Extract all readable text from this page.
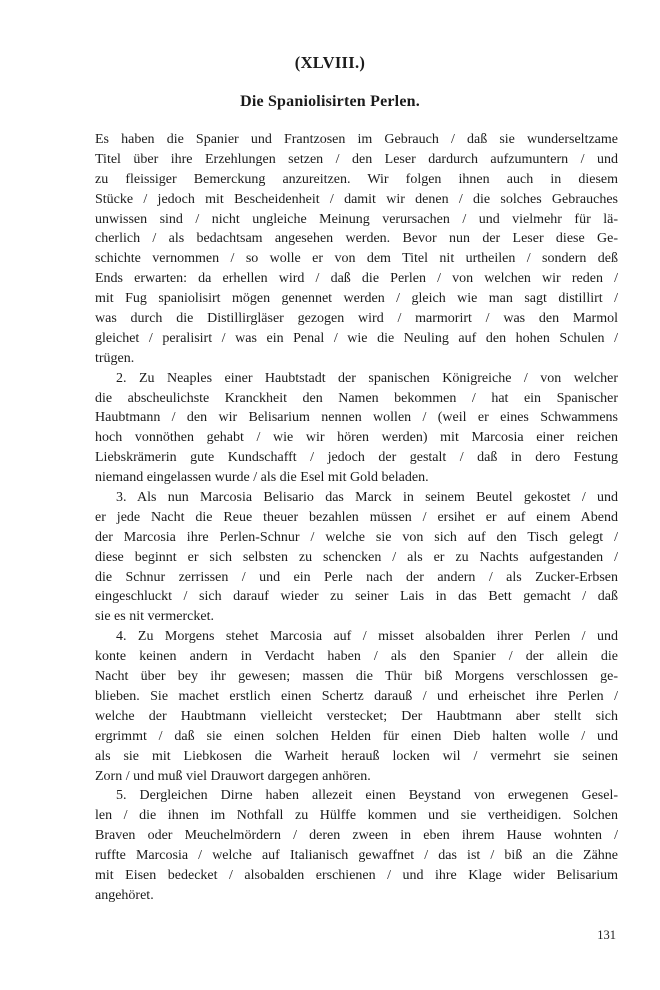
(XLVIII.)
Die Spaniolisirten Perlen.
Es haben die Spanier und Frantzosen im Gebrauch / daß sie wunderseltzame
Titel über ihre Erzehlungen setzen / den Leser dardurch aufzumuntern / und
zu fleissiger Bemerckung anzureitzen. Wir folgen ihnen auch in diesem
Stücke / jedoch mit Bescheidenheit / damit wir denen / die solches Gebrauches
unwissen sind / nicht ungleiche Meinung verursachen / und vielmehr für lä-
cherlich / als bedachtsam angesehen werden. Bevor nun der Leser diese Ge-
schichte vernommen / so wolle er von dem Titel nit urtheilen / sondern deß
Ends erwarten: da erhellen wird / daß die Perlen / von welchen wir reden /
mit Fug spaniolisirt mögen genennet werden / gleich wie man sagt distillirt /
was durch die Distillirgläser gezogen wird / marmorirt / was den Marmol
gleichet / peralisirt / was ein Penal / wie die Neuling auf den hohen Schulen /
trügen.
2. Zu Neaples einer Haubtstadt der spanischen Königreiche / von welcher
die abscheulichste Kranckheit den Namen bekommen / hat ein Spanischer
Haubtmann / den wir Belisarium nennen wollen / (weil er eines Schwammens
hoch vonnöthen gehabt / wie wir hören werden) mit Marcosia einer reichen
Liebskrämerin gute Kundschafft / jedoch der gestalt / daß in dero Festung
niemand eingelassen wurde / als die Esel mit Gold beladen.
3. Als nun Marcosia Belisario das Marck in seinem Beutel gekostet / und
er jede Nacht die Reue theuer bezahlen müssen / ersihet er auf einem Abend
der Marcosia ihre Perlen-Schnur / welche sie von sich auf den Tisch gelegt /
diese beginnt er sich selbsten zu schencken / als er zu Nachts aufgestanden /
die Schnur zerrissen / und ein Perle nach der andern / als Zucker-Erbsen
eingeschluckt / sich darauf wieder zu seiner Lais in das Bett gemacht / daß
sie es nit vermercket.
4. Zu Morgens stehet Marcosia auf / misset alsobalden ihrer Perlen / und
konte keinen andern in Verdacht haben / als den Spanier / der allein die
Nacht über bey ihr gewesen; massen die Thür biß Morgens verschlossen ge-
blieben. Sie machet erstlich einen Schertz darauß / und erheischet ihre Perlen /
welche der Haubtmann vielleicht verstecket; Der Haubtmann aber stellt sich
ergrimmt / daß sie einen solchen Helden für einen Dieb halten wolle / und
als sie mit Liebkosen die Warheit herauß locken wil / vermehrt sie seinen
Zorn / und muß viel Drauwort dargegen anhören.
5. Dergleichen Dirne haben allezeit einen Beystand von erwegenen Gesel-
len / die ihnen im Nothfall zu Hülffe kommen und sie vertheidigen. Solchen
Braven oder Meuchelmördern / deren zween in eben ihrem Hause wohnten /
ruffte Marcosia / welche auf Italianisch gewaffnet / das ist / biß an die Zähne
mit Eisen bedecket / alsobalden erschienen / und ihre Klage wider Belisarium
angehöret.
131
